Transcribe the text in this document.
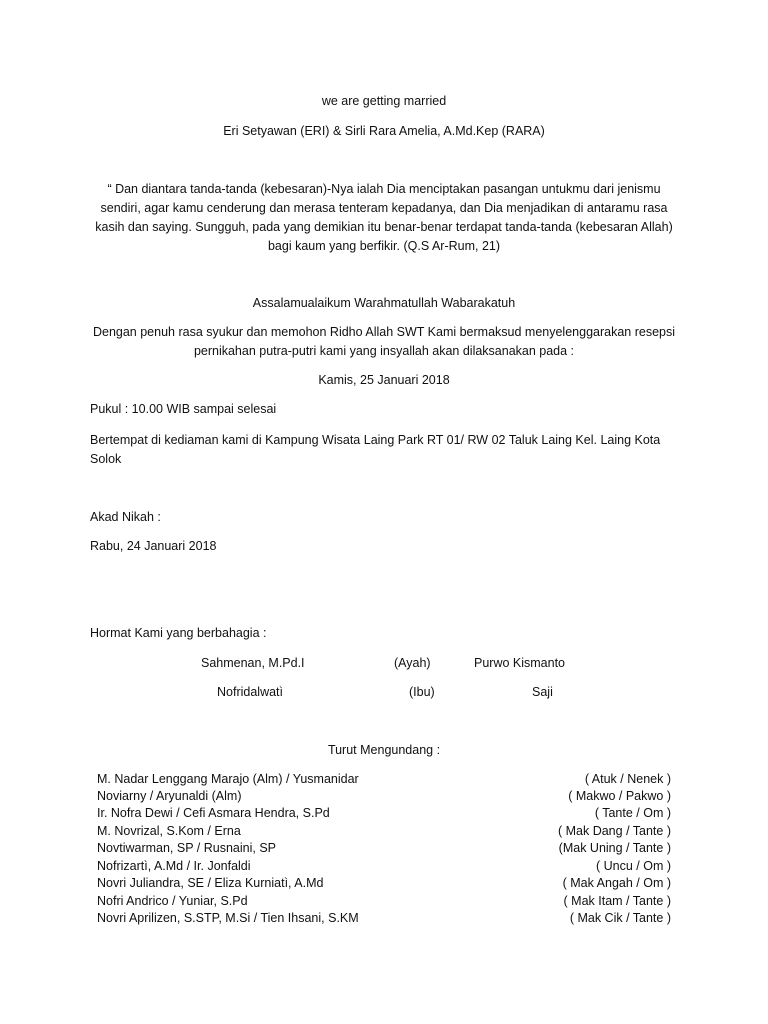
we are getting married
Eri Setyawan (ERI) & Sirli Rara Amelia, A.Md.Kep (RARA)
“ Dan diantara tanda-tanda (kebesaran)-Nya ialah Dia menciptakan pasangan untukmu dari jenismu
sendiri, agar kamu cenderung dan merasa tenteram kepadanya, dan Dia menjadikan di antaramu rasa
kasih dan saying. Sungguh, pada yang demikian itu benar-benar terdapat tanda-tanda (kebesaran Allah)
bagi kaum yang berfikir. (Q.S Ar-Rum, 21)
Assalamualaikum Warahmatullah Wabarakatuh
Dengan penuh rasa syukur dan memohon Ridho Allah SWT Kami bermaksud menyelenggarakan resepsi
pernikahan putra-putri kami yang insyallah akan dilaksanakan pada :
Kamis, 25 Januari 2018
Pukul : 10.00 WIB sampai selesai
Bertempat di kediaman kami di Kampung Wisata Laing Park RT 01/ RW 02 Taluk Laing Kel. Laing Kota
Solok
Akad Nikah :
Rabu, 24 Januari 2018
Hormat Kami yang berbahagia :
Sahmenan, M.Pd.I	(Ayah)	Purwo Kismanto
Nofridalwatì	(Ibu)	Saji
Turut Mengundang :
M. Nadar Lenggang Marajo (Alm) / Yusmanidar	( Atuk / Nenek )
Noviarny / Aryunaldi (Alm)	( Makwo / Pakwo )
Ir. Nofra Dewi / Cefi Asmara Hendra, S.Pd	( Tante / Om )
M. Novrizal, S.Kom / Erna	( Mak Dang / Tante )
Novtiwarman, SP / Rusnaini, SP	(Mak Uning / Tante )
Nofrizartì, A.Md / Ir. Jonfaldi	( Uncu / Om )
Novri Juliandra, SE / Eliza Kurniatì, A.Md	( Mak Angah / Om )
Nofri Andrico / Yuniar, S.Pd	( Mak Itam / Tante )
Novri Aprilizen, S.STP, M.Si / Tien Ihsani, S.KM	( Mak Cik / Tante )
